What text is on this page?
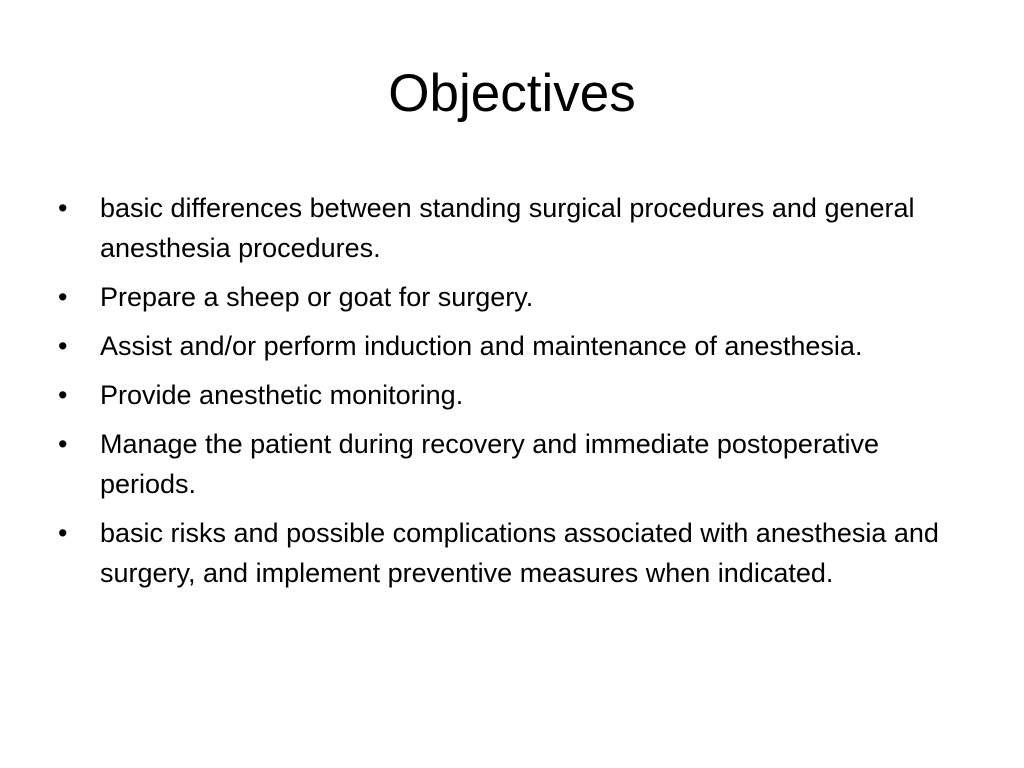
Objectives
•	basic differences between standing surgical procedures and general anesthesia procedures.
•	Prepare a sheep or goat for surgery.
•	Assist and/or perform induction and maintenance of anesthesia.
•	Provide anesthetic monitoring.
•	Manage the patient during recovery and immediate postoperative periods.
•	basic risks and possible complications associated with anesthesia and surgery, and implement preventive measures when indicated.
